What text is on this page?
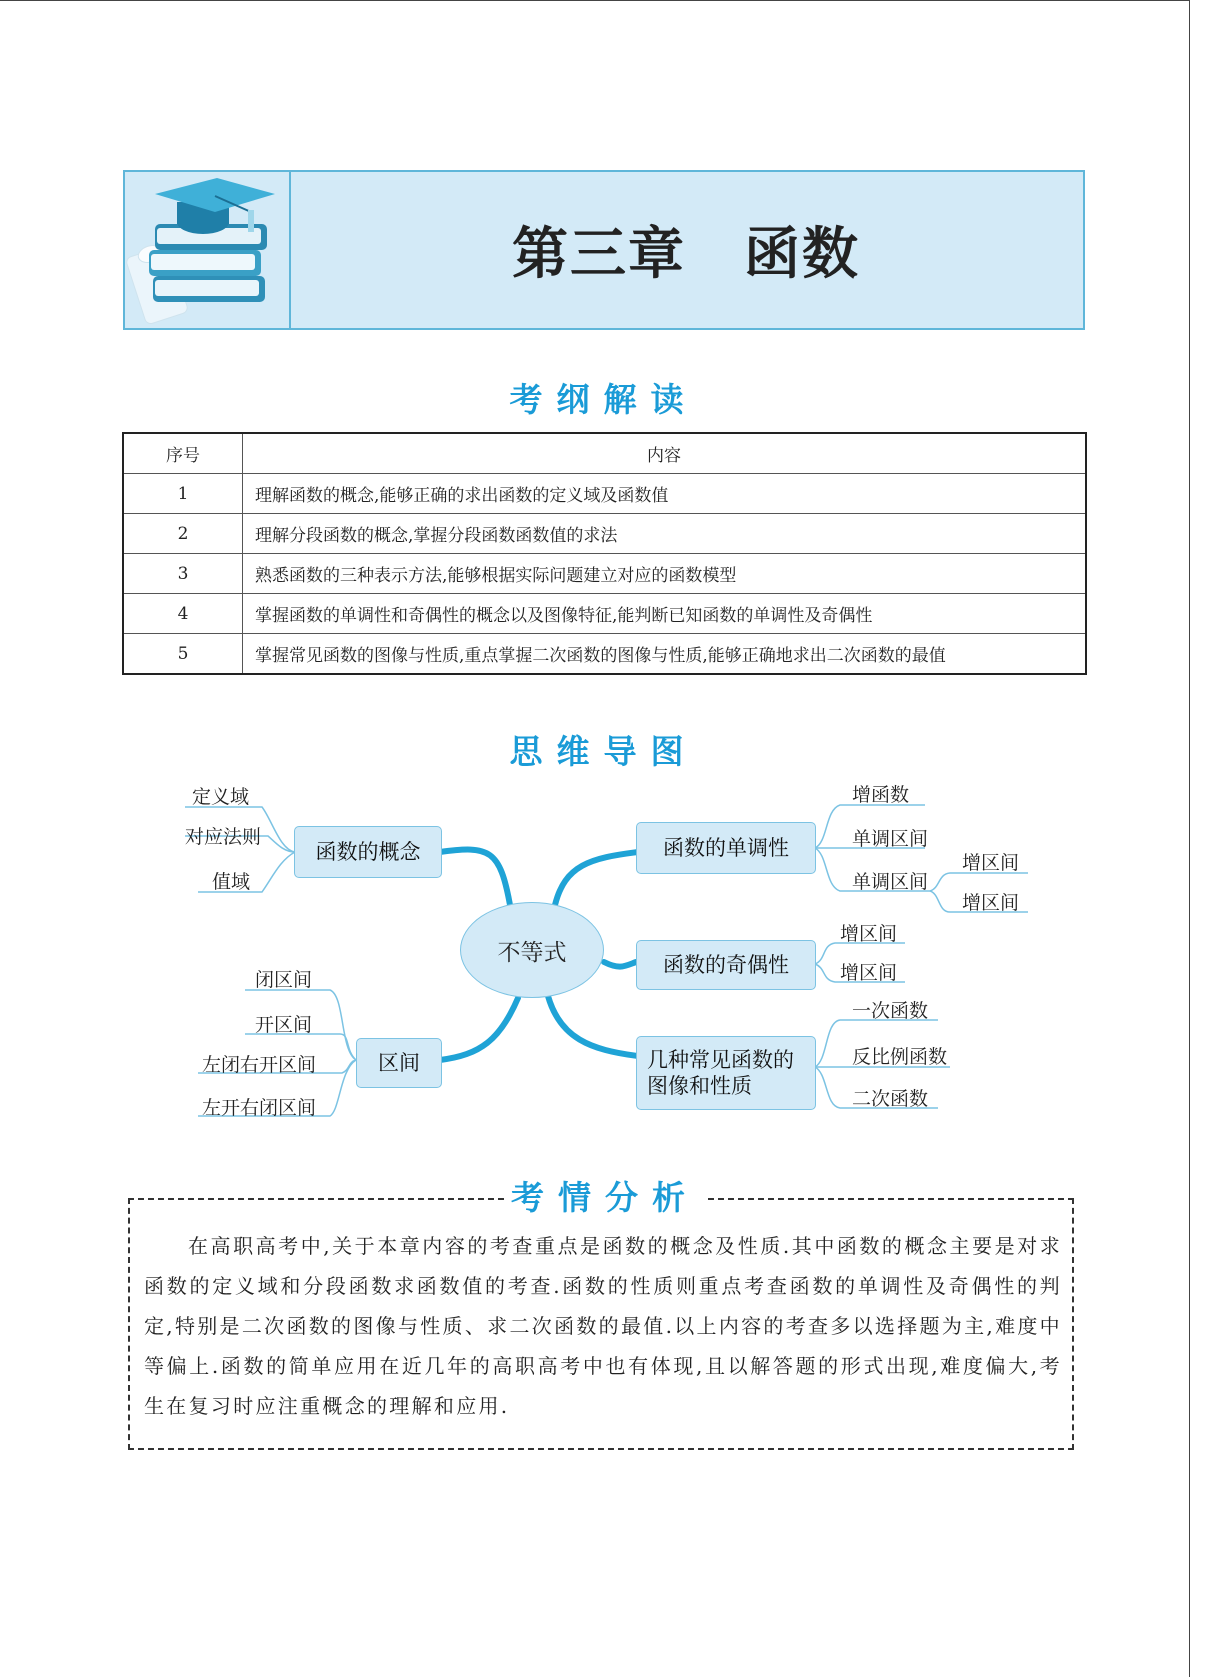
第三章　函数
考纲解读
序号	内容
1	理解函数的概念,能够正确的求出函数的定义域及函数值
2	理解分段函数的概念,掌握分段函数函数值的求法
3	熟悉函数的三种表示方法,能够根据实际问题建立对应的函数模型
4	掌握函数的单调性和奇偶性的概念以及图像特征,能判断已知函数的单调性及奇偶性
5	掌握常见函数的图像与性质,重点掌握二次函数的图像与性质,能够正确地求出二次函数的最值
思维导图
不等式
函数的概念
定义域
对应法则
值域
区间
闭区间
开区间
左闭右开区间
左开右闭区间
函数的单调性
增函数
单调区间
单调区间
增区间
增区间
函数的奇偶性
增区间
增区间
几种常见函数的图像和性质
一次函数
反比例函数
二次函数
考情分析
在高职高考中,关于本章内容的考查重点是函数的概念及性质.其中函数的概念主要是对求函数的定义域和分段函数求函数值的考查.函数的性质则重点考查函数的单调性及奇偶性的判定,特别是二次函数的图像与性质、求二次函数的最值.以上内容的考查多以选择题为主,难度中等偏上.函数的简单应用在近几年的高职高考中也有体现,且以解答题的形式出现,难度偏大,考生在复习时应注重概念的理解和应用.
